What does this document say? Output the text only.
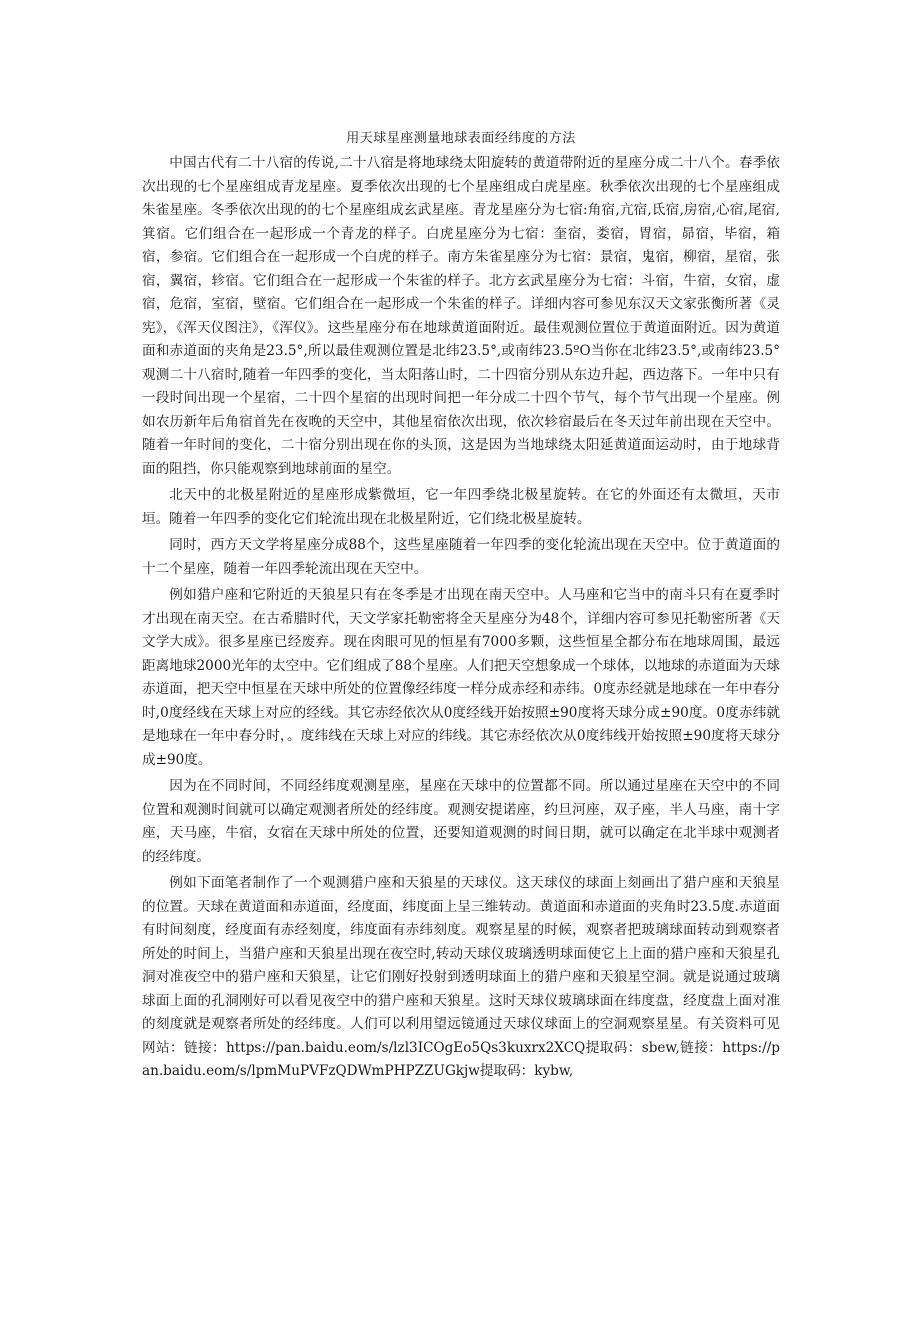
用天球星座测量地球表面经纬度的方法

中国古代有二十八宿的传说,二十八宿是将地球绕太阳旋转的黄道带附近的星座分成二十八个。春季依次出现的七个星座组成青龙星座。夏季依次出现的七个星座组成白虎星座。秋季依次出现的七个星座组成朱雀星座。冬季依次出现的的七个星座组成玄武星座。青龙星座分为七宿:角宿,亢宿,氐宿,房宿,心宿,尾宿,箕宿。它们组合在一起形成一个青龙的样子。白虎星座分为七宿：奎宿，娄宿，胃宿，昴宿，毕宿，箱宿，参宿。它们组合在一起形成一个白虎的样子。南方朱雀星座分为七宿：景宿，鬼宿，柳宿，星宿，张宿，翼宿，轸宿。它们组合在一起形成一个朱雀的样子。北方玄武星座分为七宿：斗宿，牛宿，女宿，虚宿，危宿，室宿，壁宿。它们组合在一起形成一个朱雀的样子。详细内容可参见东汉天文家张衡所著《灵宪》，《浑天仪图注》，《浑仪》。这些星座分布在地球黄道面附近。最佳观测位置位于黄道面附近。因为黄道面和赤道面的夹角是23.5°,所以最佳观测位置是北纬23.5°,或南纬23.5ºO当你在北纬23.5°,或南纬23.5°观测二十八宿时,随着一年四季的变化，当太阳落山时，二十四宿分别从东边升起，西边落下。一年中只有一段时间出现一个星宿，二十四个星宿的出现时间把一年分成二十四个节气，每个节气出现一个星座。例如农历新年后角宿首先在夜晚的天空中，其他星宿依次出现，依次轸宿最后在冬天过年前出现在天空中。随着一年时间的变化，二十宿分别出现在你的头顶，这是因为当地球绕太阳延黄道面运动时，由于地球背面的阻挡，你只能观察到地球前面的星空。

北天中的北极星附近的星座形成紫微垣，它一年四季绕北极星旋转。在它的外面还有太微垣，天市垣。随着一年四季的变化它们轮流出现在北极星附近，它们绕北极星旋转。

同时，西方天文学将星座分成88个，这些星座随着一年四季的变化轮流出现在天空中。位于黄道面的十二个星座，随着一年四季轮流出现在天空中。

例如猎户座和它附近的天狼星只有在冬季是才出现在南天空中。人马座和它当中的南斗只有在夏季时才出现在南天空。在古希腊时代，天文学家托勒密将全天星座分为48个，详细内容可参见托勒密所著《天文学大成》。很多星座已经废弃。现在肉眼可见的恒星有7000多颗，这些恒星全都分布在地球周围，最远距离地球2000光年的太空中。它们组成了88个星座。人们把天空想象成一个球体，以地球的赤道面为天球赤道面，把天空中恒星在天球中所处的位置像经纬度一样分成赤经和赤纬。0度赤经就是地球在一年中春分时,0度经线在天球上对应的经线。其它赤经依次从0度经线开始按照±90度将天球分成±90度。0度赤纬就是地球在一年中春分时，。度纬线在天球上对应的纬线。其它赤经依次从0度纬线开始按照±90度将天球分成±90度。

因为在不同时间，不同经纬度观测星座，星座在天球中的位置都不同。所以通过星座在天空中的不同位置和观测时间就可以确定观测者所处的经纬度。观测安提诺座，约旦河座，双子座，半人马座，南十字座，天马座，牛宿，女宿在天球中所处的位置，还要知道观测的时间日期，就可以确定在北半球中观测者的经纬度。

例如下面笔者制作了一个观测猎户座和天狼星的天球仪。这天球仪的球面上刻画出了猎户座和天狼星的位置。天球在黄道面和赤道面，经度面，纬度面上呈三维转动。黄道面和赤道面的夹角时23.5度.赤道面有时间刻度，经度面有赤经刻度，纬度面有赤纬刻度。观察星星的时候，观察者把玻璃球面转动到观察者所处的时间上，当猎户座和天狼星出现在夜空时,转动天球仪玻璃透明球面使它上上面的猎户座和天狼星孔洞对准夜空中的猎户座和天狼星，让它们刚好投射到透明球面上的猎户座和天狼星空洞。就是说通过玻璃球面上面的孔洞刚好可以看见夜空中的猎户座和天狼星。这时天球仪玻璃球面在纬度盘，经度盘上面对准的刻度就是观察者所处的经纬度。人们可以利用望远镜通过天球仪球面上的空洞观察星星。有关资料可见网站：链接：https://pan.baidu.eom/s/lzl3ICOgEo5Qs3kuxrx2XCQ提取码：sbew,链接：https://pan.baidu.eom/s/lpmMuPVFzQDWmPHPZZUGkjw提取码：kybw,
